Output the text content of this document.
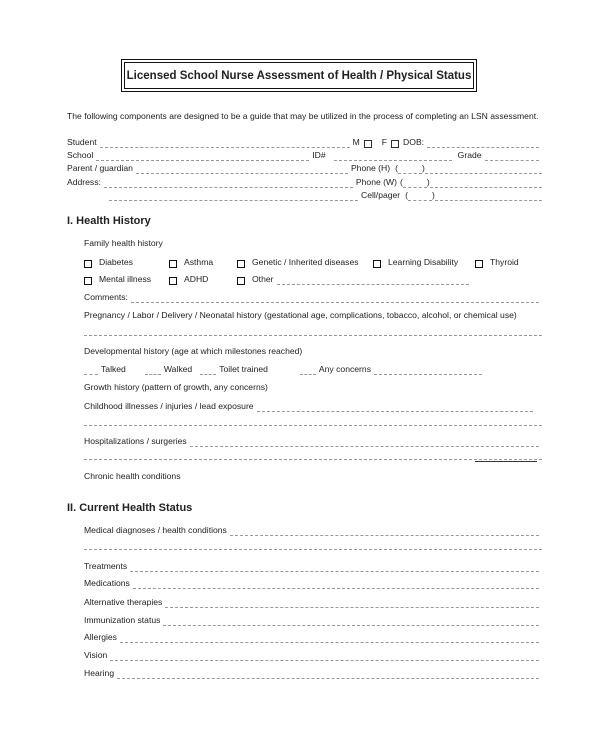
Licensed School Nurse Assessment of Health / Physical Status
The following components are designed to be a guide that may be utilized in the process of completing an LSN assessment.
Student	M	F DOB:
School	ID#	Grade
Parent / guardian	Phone (H) (	)
Address:	Phone (W) (	)
Cell/pager (	)
I. Health History
Family health history
Diabetes	Asthma	Genetic / Inherited diseases	Learning Disability	Thyroid
Mental illness	ADHD	Other
Comments:
Pregnancy / Labor / Delivery / Neonatal history (gestational age, complications, tobacco, alcohol, or chemical use)
Developmental history (age at which milestones reached)
Talked	Walked	Toilet trained	Any concerns
Growth history (pattern of growth, any concerns)
Childhood illnesses / injuries / lead exposure
Hospitalizations / surgeries
Chronic health conditions
II. Current Health Status
Medical diagnoses / health conditions
Treatments
Medications
Alternative therapies
Immunization status
Allergies
Vision
Hearing
